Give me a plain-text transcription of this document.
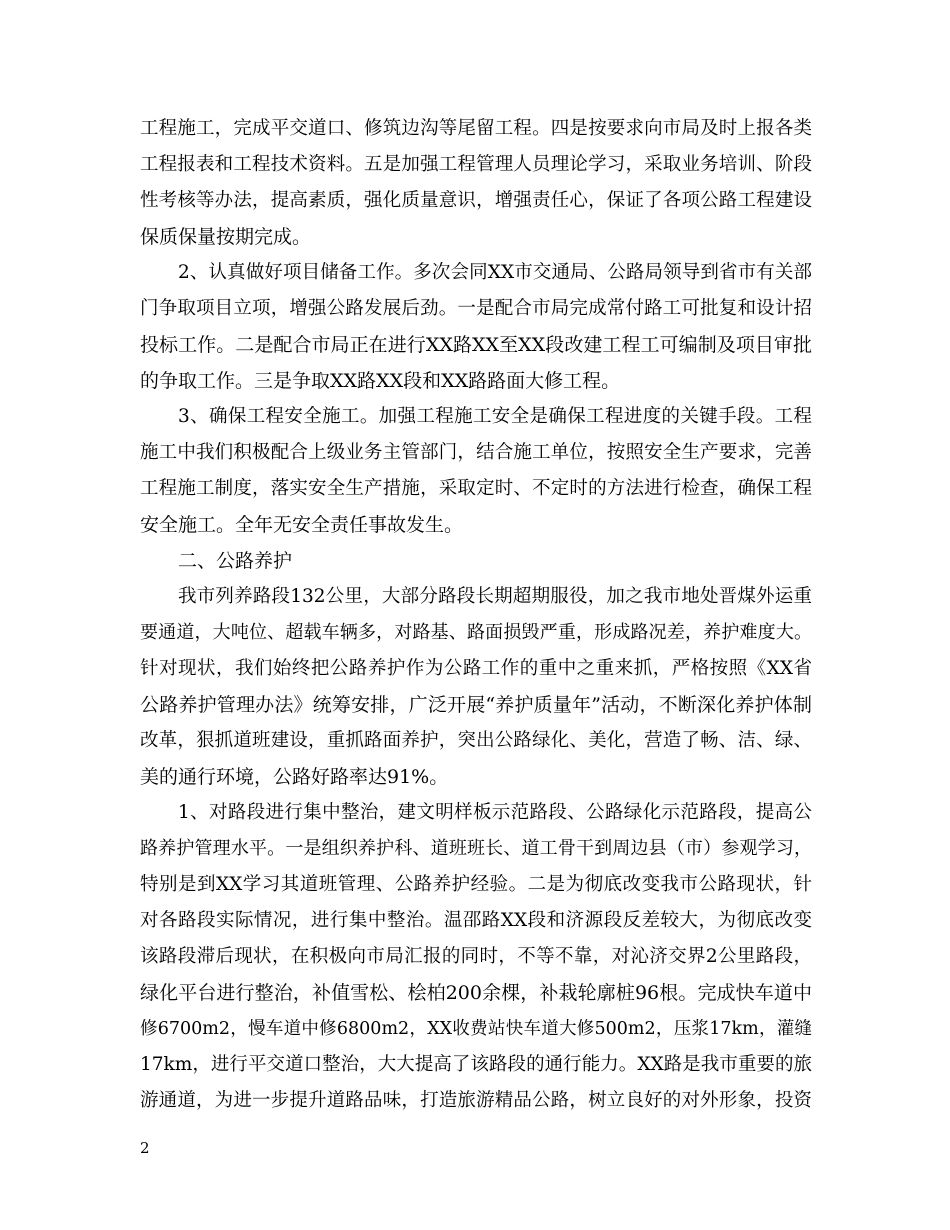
工程施工，完成平交道口、修筑边沟等尾留工程。四是按要求向市局及时上报各类
工程报表和工程技术资料。五是加强工程管理人员理论学习，采取业务培训、阶段
性考核等办法，提高素质，强化质量意识，增强责任心，保证了各项公路工程建设
保质保量按期完成。
2、认真做好项目储备工作。多次会同XX市交通局、公路局领导到省市有关部
门争取项目立项，增强公路发展后劲。一是配合市局完成常付路工可批复和设计招
投标工作。二是配合市局正在进行XX路XX至XX段改建工程工可编制及项目审批
的争取工作。三是争取XX路XX段和XX路路面大修工程。
3、确保工程安全施工。加强工程施工安全是确保工程进度的关键手段。工程
施工中我们积极配合上级业务主管部门，结合施工单位，按照安全生产要求，完善
工程施工制度，落实安全生产措施，采取定时、不定时的方法进行检查，确保工程
安全施工。全年无安全责任事故发生。
二、公路养护
我市列养路段132公里，大部分路段长期超期服役，加之我市地处晋煤外运重
要通道，大吨位、超载车辆多，对路基、路面损毁严重，形成路况差，养护难度大。
针对现状，我们始终把公路养护作为公路工作的重中之重来抓，严格按照《XX省
公路养护管理办法》统筹安排，广泛开展“养护质量年”活动，不断深化养护体制
改革，狠抓道班建设，重抓路面养护，突出公路绿化、美化，营造了畅、洁、绿、
美的通行环境，公路好路率达91%。
1、对路段进行集中整治，建文明样板示范路段、公路绿化示范路段，提高公
路养护管理水平。一是组织养护科、道班班长、道工骨干到周边县（市）参观学习，
特别是到XX学习其道班管理、公路养护经验。二是为彻底改变我市公路现状，针
对各路段实际情况，进行集中整治。温邵路XX段和济源段反差较大，为彻底改变
该路段滞后现状，在积极向市局汇报的同时，不等不靠，对沁济交界2公里路段，
绿化平台进行整治，补值雪松、桧柏200余棵，补栽轮廓桩96根。完成快车道中
修6700m2，慢车道中修6800m2，XX收费站快车道大修500m2，压浆17km，灌缝
17km，进行平交道口整治，大大提高了该路段的通行能力。XX路是我市重要的旅
游通道，为进一步提升道路品味，打造旅游精品公路，树立良好的对外形象，投资
2
